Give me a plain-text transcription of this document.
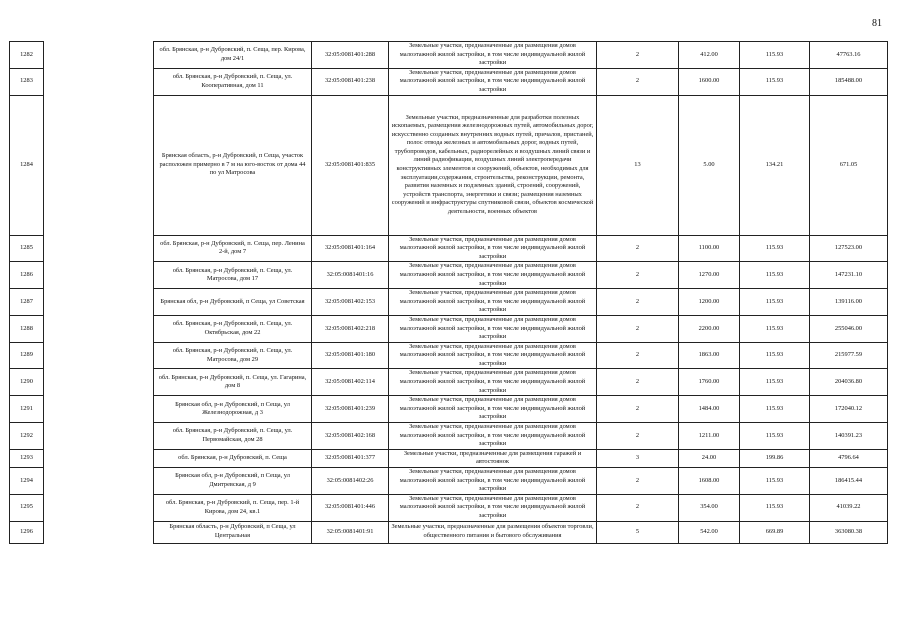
81
1282		обл. Брянская, р-н Дубровский, п. Сеща, пер. Кирова, дом 24/1	32:05:0081401:288	Земельные участки, предназначенные для размещения домов малоэтажной жилой застройки, в том числе индивидуальной жилой застройки	2	412.00	115.93	47763.16
1283		обл. Брянская, р-н Дубровский, п. Сеща, ул. Кооперативная, дом 11	32:05:0081401:238	Земельные участки, предназначенные для размещения домов малоэтажной жилой застройки, в том числе индивидуальной жилой застройки	2	1600.00	115.93	185488.00
1284		Брянская область, р-н Дубровский, п Сеща, участок расположен примерно в 7 м на юго-восток от дома 44 по ул Матросова	32:05:0081401:835	Земельные участки, предназначенные для разработки полезных ископаемых, размещения железнодорожных путей, автомобильных дорог, искусственно созданных внутренних водных путей, причалов, пристаней, полос отвода железных и автомобильных дорог, водных путей, трубопроводов, кабельных, радиорелейных и воздушных линий связи и линий радиофикации, воздушных линий электропередачи конструктивных элементов и сооружений, объектов, необходимых для эксплуатации,содержания, строительства, реконструкции, ремонта, развития наземных и подземных зданий, строений, сооружений, устройств транспорта, энергетики и связи; размещения наземных сооружений и инфраструктуры спутниковой связи, объектов космической деятельности, военных объектов	13	5.00	134.21	671.05
1285		обл. Брянская, р-н Дубровский, п. Сеща, пер. Ленина 2-й, дом 7	32:05:0081401:164	Земельные участки, предназначенные для размещения домов малоэтажной жилой застройки, в том числе индивидуальной жилой застройки	2	1100.00	115.93	127523.00
1286		обл. Брянская, р-н Дубровский, п. Сеща, ул. Матросова, дом 17	32:05:0081401:16	Земельные участки, предназначенные для размещения домов малоэтажной жилой застройки, в том числе индивидуальной жилой застройки	2	1270.00	115.93	147231.10
1287		Брянская обл, р-н Дубровский, п Сеща, ул Советская	32:05:0081402:153	Земельные участки, предназначенные для размещения домов малоэтажной жилой застройки, в том числе индивидуальной жилой застройки	2	1200.00	115.93	139116.00
1288		обл. Брянская, р-н Дубровский, п. Сеща, ул. Октябрьская, дом 22	32:05:0081402:218	Земельные участки, предназначенные для размещения домов малоэтажной жилой застройки, в том числе индивидуальной жилой застройки	2	2200.00	115.93	255046.00
1289		обл. Брянская, р-н Дубровский, п. Сеща, ул. Матросова, дом 29	32:05:0081401:180	Земельные участки, предназначенные для размещения домов малоэтажной жилой застройки, в том числе индивидуальной жилой застройки	2	1863.00	115.93	215977.59
1290		обл. Брянская, р-н Дубровский, п. Сеща, ул. Гагарина, дом 8	32:05:0081402:114	Земельные участки, предназначенные для размещения домов малоэтажной жилой застройки, в том числе индивидуальной жилой застройки	2	1760.00	115.93	204036.80
1291		Брянская обл, р-н Дубровский, п Сеща, ул Железнодорожная, д 3	32:05:0081401:239	Земельные участки, предназначенные для размещения домов малоэтажной жилой застройки, в том числе индивидуальной жилой застройки	2	1484.00	115.93	172040.12
1292		обл. Брянская, р-н Дубровский, п. Сеща, ул. Первомайская, дом 28	32:05:0081402:168	Земельные участки, предназначенные для размещения домов малоэтажной жилой застройки, в том числе индивидуальной жилой застройки	2	1211.00	115.93	140391.23
1293		обл. Брянская, р-н Дубровский, п. Сеща	32:05:0081401:377	Земельные участки, предназначенные для размещения гаражей и автостоянок	3	24.00	199.86	4796.64
1294		Брянская обл, р-н Дубровский, п Сеща, ул Дмитревская, д 9	32:05:0081402:26	Земельные участки, предназначенные для размещения домов малоэтажной жилой застройки, в том числе индивидуальной жилой застройки	2	1608.00	115.93	186415.44
1295		обл. Брянская, р-н Дубровский, п. Сеща, пер. 1-й Кирова, дом 24, кв.1	32:05:0081401:446	Земельные участки, предназначенные для размещения домов малоэтажной жилой застройки, в том числе индивидуальной жилой застройки	2	354.00	115.93	41039.22
1296		Брянская область, р-н Дубровский, п Сеща, ул Центральная	32:05:0081401:91	Земельные участки, предназначенные для размещения объектов торговли, общественного питания и бытового обслуживания	5	542.00	669.89	363080.38
